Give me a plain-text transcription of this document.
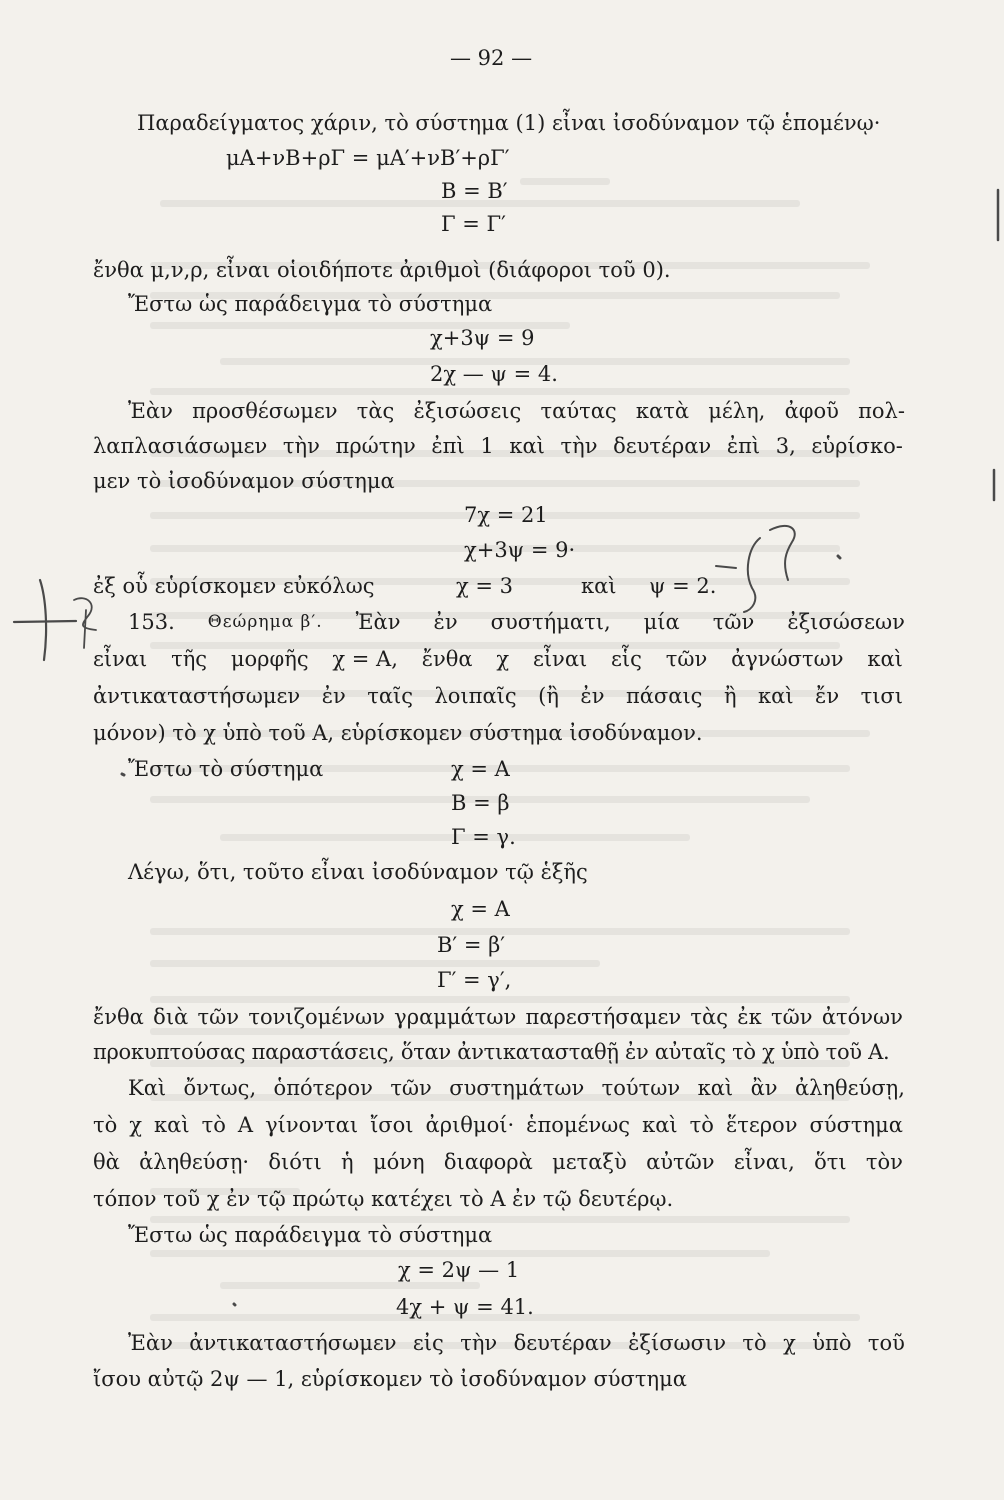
— 92 —
Παραδείγματος χάριν, τὸ σύστημα (1) εἶναι ἰσοδύναμον τῷ ἑπομένῳ·
μΑ+νΒ+ρΓ = μΑ′+νΒ′+ρΓ′
Β = Β′
Γ = Γ′
ἔνθα μ,ν,ρ, εἶναι οἱοιδήποτε ἀριθμοὶ (διάφοροι τοῦ 0).
Ἔστω ὡς παράδειγμα τὸ σύστημα
χ+3ψ = 9
2χ — ψ = 4.
Ἐὰν προσθέσωμεν τὰς ἐξισώσεις ταύτας κατὰ μέλη, ἀφοῦ πολ-
λαπλασιάσωμεν τὴν πρώτην ἐπὶ 1 καὶ τὴν δευτέραν ἐπὶ 3, εὑρίσκο-
μεν τὸ ἰσοδύναμον σύστημα
7χ = 21
χ+3ψ = 9·
ἐξ οὗ εὑρίσκομεν εὐκόλως	χ = 3	καὶ ψ = 2.
153. Θεώρημα β′. Ἐὰν ἐν συστήματι, μία τῶν ἐξισώσεων
εἶναι τῆς μορφῆς χ = Α, ἔνθα χ εἶναι εἷς τῶν ἀγνώστων καὶ
ἀντικαταστήσωμεν ἐν ταῖς λοιπαῖς (ἢ ἐν πάσαις ἢ καὶ ἔν τισι
μόνον) τὸ χ ὑπὸ τοῦ Α, εὑρίσκομεν σύστημα ἰσοδύναμον.
Ἔστω τὸ σύστημα	χ = Α
Β = β
Γ = γ.
Λέγω, ὅτι, τοῦτο εἶναι ἰσοδύναμον τῷ ἑξῆς
χ = Α
Β′ = β′
Γ′ = γ′,
ἔνθα διὰ τῶν τονιζομένων γραμμάτων παρεστήσαμεν τὰς ἐκ τῶν ἀτόνων
προκυπτούσας παραστάσεις, ὅταν ἀντικατασταθῇ ἐν αὐταῖς τὸ χ ὑπὸ τοῦ Α.
Καὶ ὄντως, ὁπότερον τῶν συστημάτων τούτων καὶ ἂν ἀληθεύσῃ,
τὸ χ καὶ τὸ Α γίνονται ἴσοι ἀριθμοί· ἑπομένως καὶ τὸ ἕτερον σύστημα
θὰ ἀληθεύσῃ· διότι ἡ μόνη διαφορὰ μεταξὺ αὐτῶν εἶναι, ὅτι τὸν
τόπον τοῦ χ ἐν τῷ πρώτῳ κατέχει τὸ Α ἐν τῷ δευτέρῳ.
Ἔστω ὡς παράδειγμα τὸ σύστημα
χ = 2ψ — 1
4χ + ψ = 41.
Ἐὰν ἀντικαταστήσωμεν εἰς τὴν δευτέραν ἐξίσωσιν τὸ χ ὑπὸ τοῦ
ἴσου αὐτῷ 2ψ — 1, εὑρίσκομεν τὸ ἰσοδύναμον σύστημα
